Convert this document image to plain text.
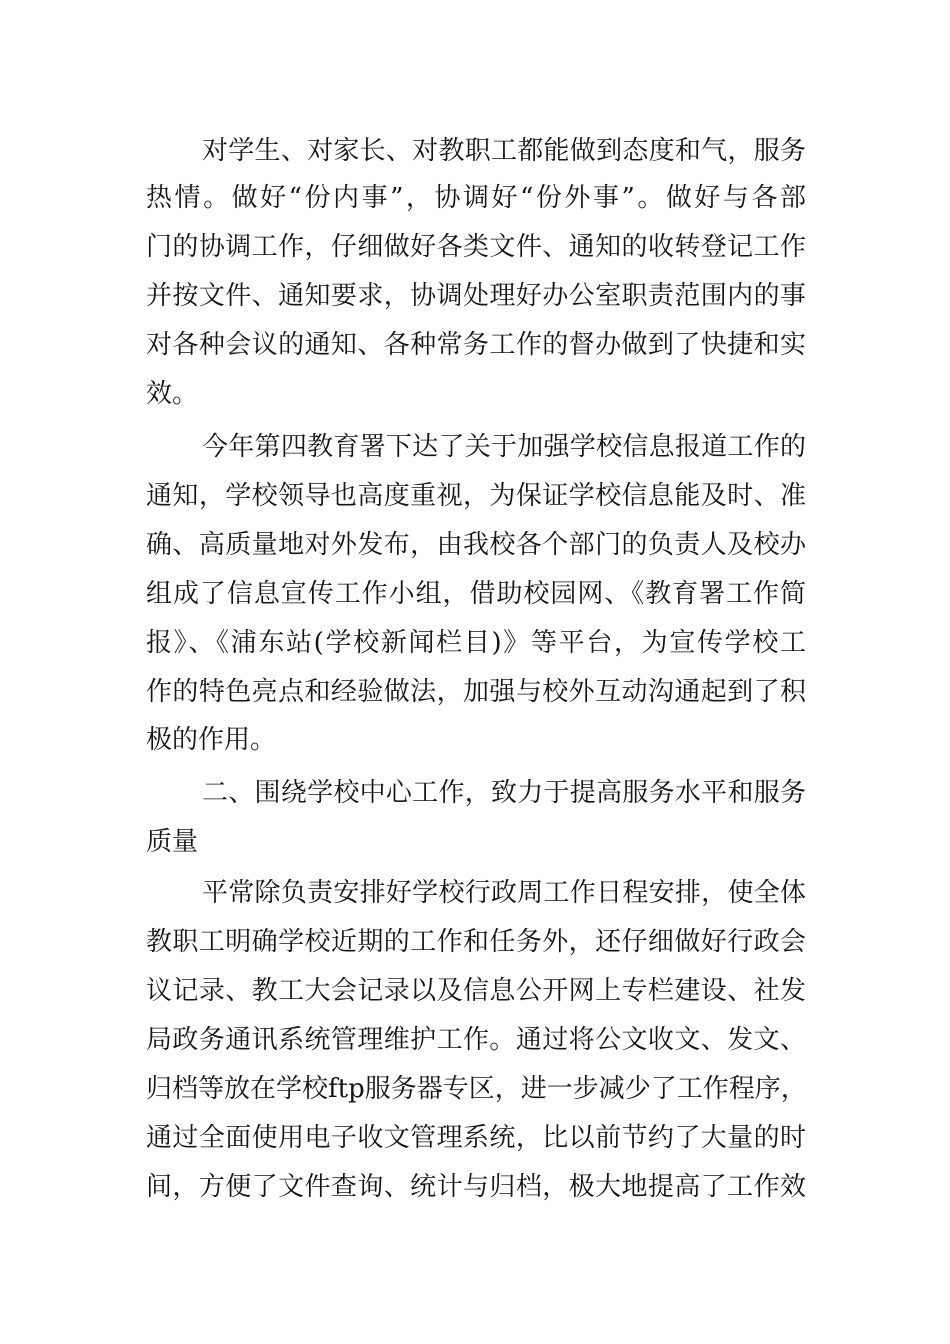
对学生、对家长、对教职工都能做到态度和气，服务
热情。做好“份内事”，协调好“份外事”。做好与各部
门的协调工作，仔细做好各类文件、通知的收转登记工作
并按文件、通知要求，协调处理好办公室职责范围内的事
对各种会议的通知、各种常务工作的督办做到了快捷和实
效。
今年第四教育署下达了关于加强学校信息报道工作的
通知，学校领导也高度重视，为保证学校信息能及时、准
确、高质量地对外发布，由我校各个部门的负责人及校办
组成了信息宣传工作小组，借助校园网、《教育署工作简
报》、《浦东站(学校新闻栏目)》等平台，为宣传学校工
作的特色亮点和经验做法，加强与校外互动沟通起到了积
极的作用。
二、围绕学校中心工作，致力于提高服务水平和服务
质量
平常除负责安排好学校行政周工作日程安排，使全体
教职工明确学校近期的工作和任务外，还仔细做好行政会
议记录、教工大会记录以及信息公开网上专栏建设、社发
局政务通讯系统管理维护工作。通过将公文收文、发文、
归档等放在学校ftp服务器专区，进一步减少了工作程序，
通过全面使用电子收文管理系统，比以前节约了大量的时
间，方便了文件查询、统计与归档，极大地提高了工作效
